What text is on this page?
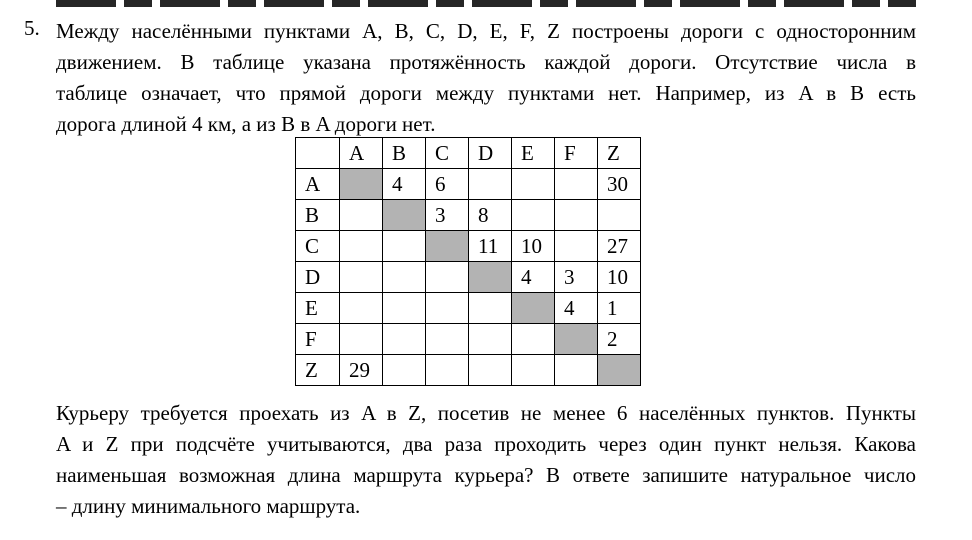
5. Между населёнными пунктами A, B, C, D, E, F, Z построены дороги с односторонним
движением. В таблице указана протяжённость каждой дороги. Отсутствие числа в
таблице означает, что прямой дороги между пунктами нет. Например, из A в B есть
дорога длиной 4 км, а из B в A дороги нет.
	A	B	C	D	E	F	Z
A		4	6				30
B			3	8			
C				11	10		27
D					4	3	10
E						4	1
F							2
Z	29						
Курьеру требуется проехать из A в Z, посетив не менее 6 населённых пунктов. Пункты
A и Z при подсчёте учитываются, два раза проходить через один пункт нельзя. Какова
наименьшая возможная длина маршрута курьера? В ответе запишите натуральное число
– длину минимального маршрута.
